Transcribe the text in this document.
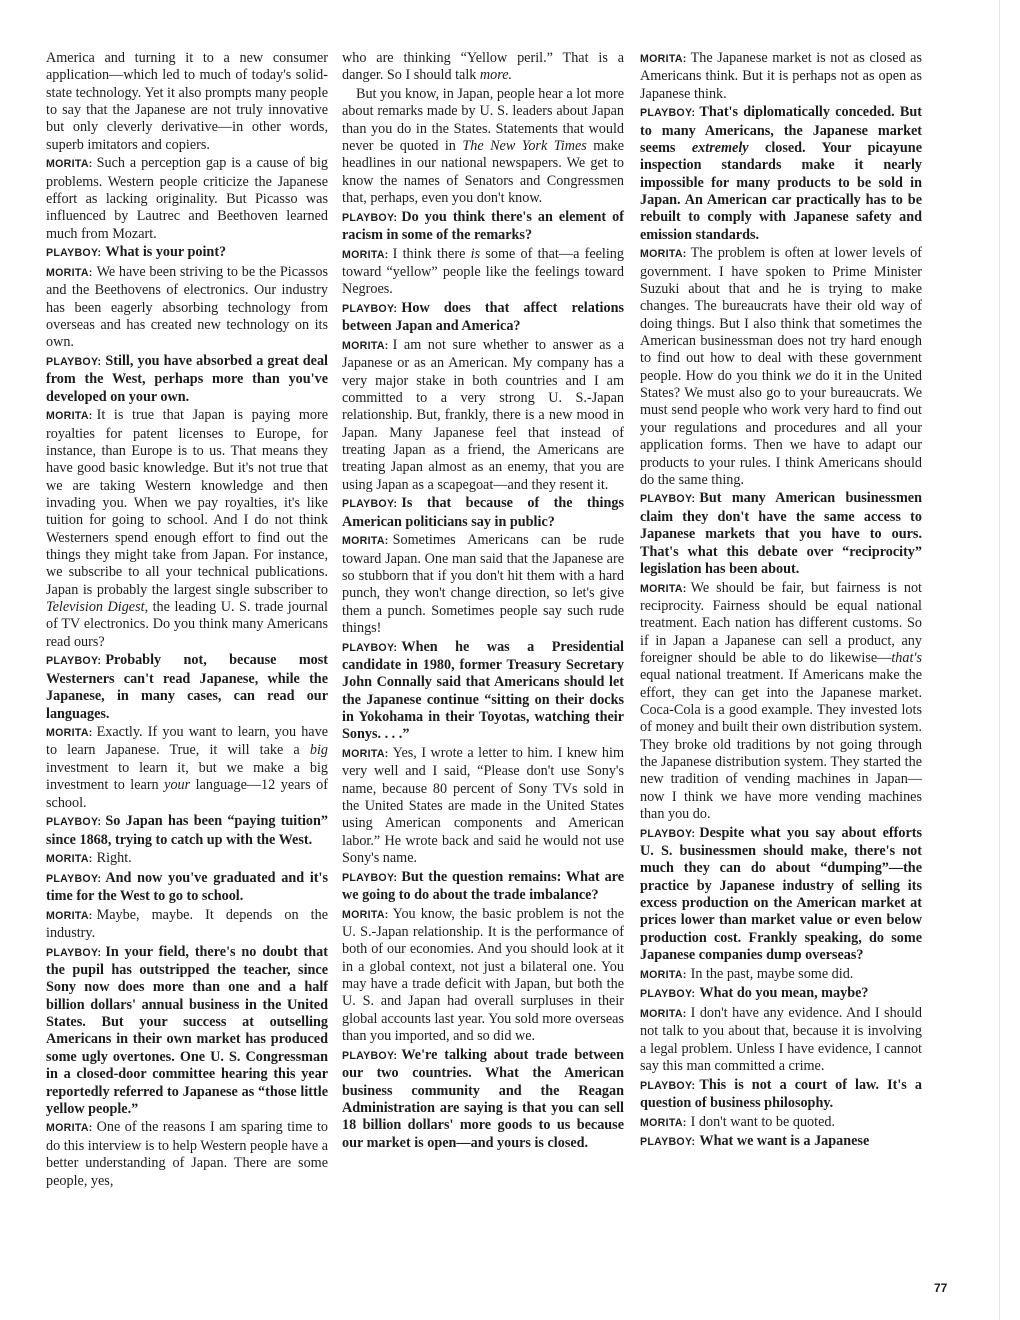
America and turning it to a new consumer application—which led to much of today's solid-state technology. Yet it also prompts many people to say that the Japanese are not truly innovative but only cleverly derivative—in other words, superb imitators and copiers.

MORITA: Such a perception gap is a cause of big problems. Western people criticize the Japanese effort as lacking originality. But Picasso was influenced by Lautrec and Beethoven learned much from Mozart.

PLAYBOY: What is your point?

MORITA: We have been striving to be the Picassos and the Beethovens of electronics. Our industry has been eagerly absorbing technology from overseas and has created new technology on its own.

PLAYBOY: Still, you have absorbed a great deal from the West, perhaps more than you've developed on your own.

MORITA: It is true that Japan is paying more royalties for patent licenses to Europe, for instance, than Europe is to us. That means they have good basic knowledge. But it's not true that we are taking Western knowledge and then invading you. When we pay royalties, it's like tuition for going to school. And I do not think Westerners spend enough effort to find out the things they might take from Japan. For instance, we subscribe to all your technical publications. Japan is probably the largest single subscriber to Television Digest, the leading U. S. trade journal of TV electronics. Do you think many Americans read ours?

PLAYBOY: Probably not, because most Westerners can't read Japanese, while the Japanese, in many cases, can read our languages.

MORITA: Exactly. If you want to learn, you have to learn Japanese. True, it will take a big investment to learn it, but we make a big investment to learn your language—12 years of school.

PLAYBOY: So Japan has been “paying tuition” since 1868, trying to catch up with the West.

MORITA: Right.

PLAYBOY: And now you've graduated and it's time for the West to go to school.

MORITA: Maybe, maybe. It depends on the industry.

PLAYBOY: In your field, there's no doubt that the pupil has outstripped the teacher, since Sony now does more than one and a half billion dollars' annual business in the United States. But your success at outselling Americans in their own market has produced some ugly overtones. One U. S. Congressman in a closed-door committee hearing this year reportedly referred to Japanese as “those little yellow people.”

MORITA: One of the reasons I am sparing time to do this interview is to help Western people have a better understanding of Japan. There are some people, yes,

who are thinking “Yellow peril.” That is a danger. So I should talk more.

But you know, in Japan, people hear a lot more about remarks made by U. S. leaders about Japan than you do in the States. Statements that would never be quoted in The New York Times make headlines in our national newspapers. We get to know the names of Senators and Congressmen that, perhaps, even you don't know.

PLAYBOY: Do you think there's an element of racism in some of the remarks?

MORITA: I think there is some of that—a feeling toward “yellow” people like the feelings toward Negroes.

PLAYBOY: How does that affect relations between Japan and America?

MORITA: I am not sure whether to answer as a Japanese or as an American. My company has a very major stake in both countries and I am committed to a very strong U. S.-Japan relationship. But, frankly, there is a new mood in Japan. Many Japanese feel that instead of treating Japan as a friend, the Americans are treating Japan almost as an enemy, that you are using Japan as a scapegoat—and they resent it.

PLAYBOY: Is that because of the things American politicians say in public?

MORITA: Sometimes Americans can be rude toward Japan. One man said that the Japanese are so stubborn that if you don't hit them with a hard punch, they won't change direction, so let's give them a punch. Sometimes people say such rude things!

PLAYBOY: When he was a Presidential candidate in 1980, former Treasury Secretary John Connally said that Americans should let the Japanese continue “sitting on their docks in Yokohama in their Toyotas, watching their Sonys. . . .”

MORITA: Yes, I wrote a letter to him. I knew him very well and I said, “Please don't use Sony's name, because 80 percent of Sony TVs sold in the United States are made in the United States using American components and American labor.” He wrote back and said he would not use Sony's name.

PLAYBOY: But the question remains: What are we going to do about the trade imbalance?

MORITA: You know, the basic problem is not the U. S.-Japan relationship. It is the performance of both of our economies. And you should look at it in a global context, not just a bilateral one. You may have a trade deficit with Japan, but both the U. S. and Japan had overall surpluses in their global accounts last year. You sold more overseas than you imported, and so did we.

PLAYBOY: We're talking about trade between our two countries. What the American business community and the Reagan Administration are saying is that you can sell 18 billion dollars' more goods to us because our market is open—and yours is closed.

MORITA: The Japanese market is not as closed as Americans think. But it is perhaps not as open as Japanese think.

PLAYBOY: That's diplomatically conceded. But to many Americans, the Japanese market seems extremely closed. Your picayune inspection standards make it nearly impossible for many products to be sold in Japan. An American car practically has to be rebuilt to comply with Japanese safety and emission standards.

MORITA: The problem is often at lower levels of government. I have spoken to Prime Minister Suzuki about that and he is trying to make changes. The bureaucrats have their old way of doing things. But I also think that sometimes the American businessman does not try hard enough to find out how to deal with these government people. How do you think we do it in the United States? We must also go to your bureaucrats. We must send people who work very hard to find out your regulations and procedures and all your application forms. Then we have to adapt our products to your rules. I think Americans should do the same thing.

PLAYBOY: But many American businessmen claim they don't have the same access to Japanese markets that you have to ours. That's what this debate over “reciprocity” legislation has been about.

MORITA: We should be fair, but fairness is not reciprocity. Fairness should be equal national treatment. Each nation has different customs. So if in Japan a Japanese can sell a product, any foreigner should be able to do likewise—that's equal national treatment. If Americans make the effort, they can get into the Japanese market. Coca-Cola is a good example. They invested lots of money and built their own distribution system. They broke old traditions by not going through the Japanese distribution system. They started the new tradition of vending machines in Japan—now I think we have more vending machines than you do.

PLAYBOY: Despite what you say about efforts U. S. businessmen should make, there's not much they can do about “dumping”—the practice by Japanese industry of selling its excess production on the American market at prices lower than market value or even below production cost. Frankly speaking, do some Japanese companies dump overseas?

MORITA: In the past, maybe some did.

PLAYBOY: What do you mean, maybe?

MORITA: I don't have any evidence. And I should not talk to you about that, because it is involving a legal problem. Unless I have evidence, I cannot say this man committed a crime.

PLAYBOY: This is not a court of law. It's a question of business philosophy.

MORITA: I don't want to be quoted.

PLAYBOY: What we want is a Japanese

77
